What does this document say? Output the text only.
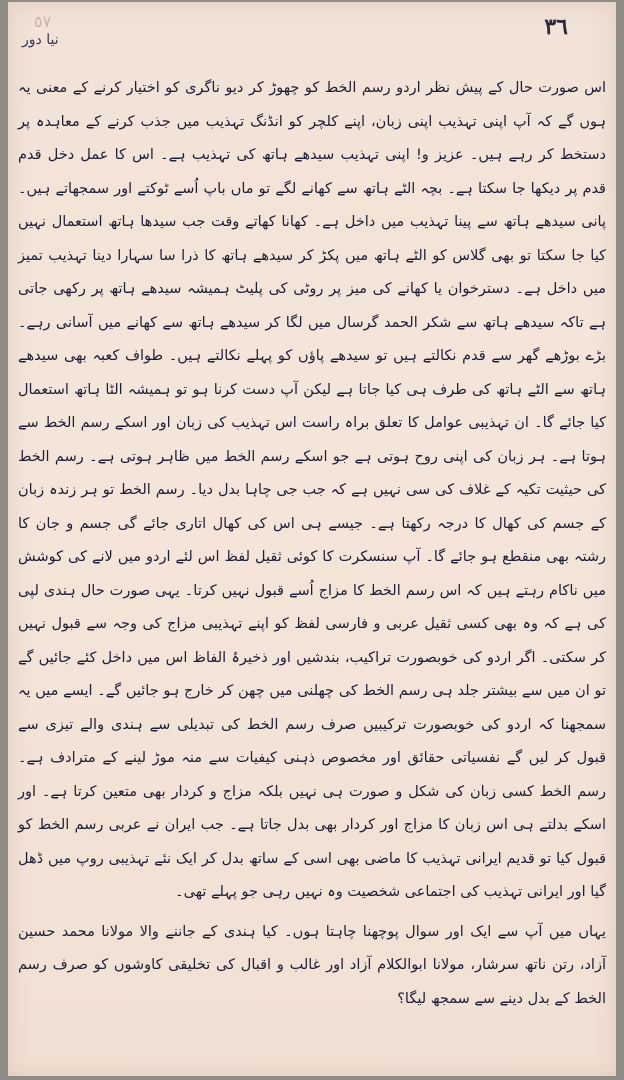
٥٧	٣٦
نیا دور

اس صورت حال کے پیش نظر اردو رسم الخط کو چھوڑ کر دیو ناگری کو اختیار کرنے کے معنی یہ ہوں گے کہ آپ اپنی تہذیب اپنی زبان، اپنے کلچر کو انڈنگ تہذیب میں جذب کرنے کے معاہدہ پر دستخط کر رہے ہیں۔ عزیز و! اپنی تہذیب سیدھے ہاتھ کی تہذیب ہے۔ اس کا عمل دخل قدم قدم پر دیکھا جا سکتا ہے۔ بچہ الٹے ہاتھ سے کھانے لگے تو ماں باپ اُسے ٹوکتے اور سمجھاتے ہیں۔ پانی سیدھے ہاتھ سے پینا تہذیب میں داخل ہے۔ کھانا کھاتے وقت جب سیدھا ہاتھ استعمال نہیں کیا جا سکتا تو بھی گلاس کو الٹے ہاتھ میں پکڑ کر سیدھے ہاتھ کا ذرا سا سہارا دینا تہذیب تمیز میں داخل ہے۔ دسترخوان یا کھانے کی میز پر روٹی کی پلیٹ ہمیشہ سیدھے ہاتھ پر رکھی جاتی ہے تاکہ سیدھے ہاتھ سے شکر الحمد گرسال میں لگا کر سیدھے ہاتھ سے کھانے میں آسانی رہے۔ بڑے بوڑھے گھر سے قدم نکالتے ہیں تو سیدھے پاؤں کو پہلے نکالتے ہیں۔ طواف کعبہ بھی سیدھے ہاتھ سے الٹے ہاتھ کی طرف ہی کیا جاتا ہے لیکن آپ دست کرنا ہو تو ہمیشہ الٹا ہاتھ استعمال کیا جائے گا۔ ان تہذیبی عوامل کا تعلق براہ راست اس تہذیب کی زبان اور اسکے رسم الخط سے ہوتا ہے۔ ہر زبان کی اپنی روح ہوتی ہے جو اسکے رسم الخط میں ظاہر ہوتی ہے۔ رسم الخط کی حیثیت تکیہ کے غلاف کی سی نہیں ہے کہ جب جی چاہا بدل دیا۔ رسم الخط تو ہر زندہ زبان کے جسم کی کھال کا درجہ رکھتا ہے۔ جیسے ہی اس کی کھال اتاری جائے گی جسم و جان کا رشتہ بھی منقطع ہو جائے گا۔ آپ سنسکرت کا کوئی ثقیل لفظ اس لئے اردو میں لانے کی کوشش میں ناکام رہتے ہیں کہ اس رسم الخط کا مزاج اُسے قبول نہیں کرتا۔ یہی صورت حال ہندی لپی کی ہے کہ وہ بھی کسی ثقیل عربی و فارسی لفظ کو اپنے تہذیبی مزاج کی وجہ سے قبول نہیں کر سکتی۔ اگر اردو کی خوبصورت تراکیب، بندشیں اور ذخیرۂ الفاظ اس میں داخل کئے جائیں گے تو ان میں سے بیشتر جلد ہی رسم الخط کی چھلنی میں چھن کر خارج ہو جائیں گے۔ ایسے میں یہ سمجھنا کہ اردو کی خوبصورت ترکیبیں صرف رسم الخط کی تبدیلی سے ہندی والے تیزی سے قبول کر لیں گے نفسیاتی حقائق اور مخصوص ذہنی کیفیات سے منہ موڑ لینے کے مترادف ہے۔ رسم الخط کسی زبان کی شکل و صورت ہی نہیں بلکہ مزاج و کردار بھی متعین کرتا ہے۔ اور اسکے بدلتے ہی اس زبان کا مزاج اور کردار بھی بدل جاتا ہے۔ جب ایران نے عربی رسم الخط کو قبول کیا تو قدیم ایرانی تہذیب کا ماضی بھی اسی کے ساتھ بدل کر ایک نئے تہذیبی روپ میں ڈھل گیا اور ایرانی تہذیب کی اجتماعی شخصیت وہ نہیں رہی جو پہلے تھی۔

یہاں میں آپ سے ایک اور سوال پوچھنا چاہتا ہوں۔ کیا ہندی کے جاننے والا مولانا محمد حسین آزاد، رتن ناتھ سرشار، مولانا ابوالکلام آزاد اور غالب و اقبال کی تخلیقی کاوشوں کو صرف رسم الخط کے بدل دینے سے سمجھ لیگا؟
